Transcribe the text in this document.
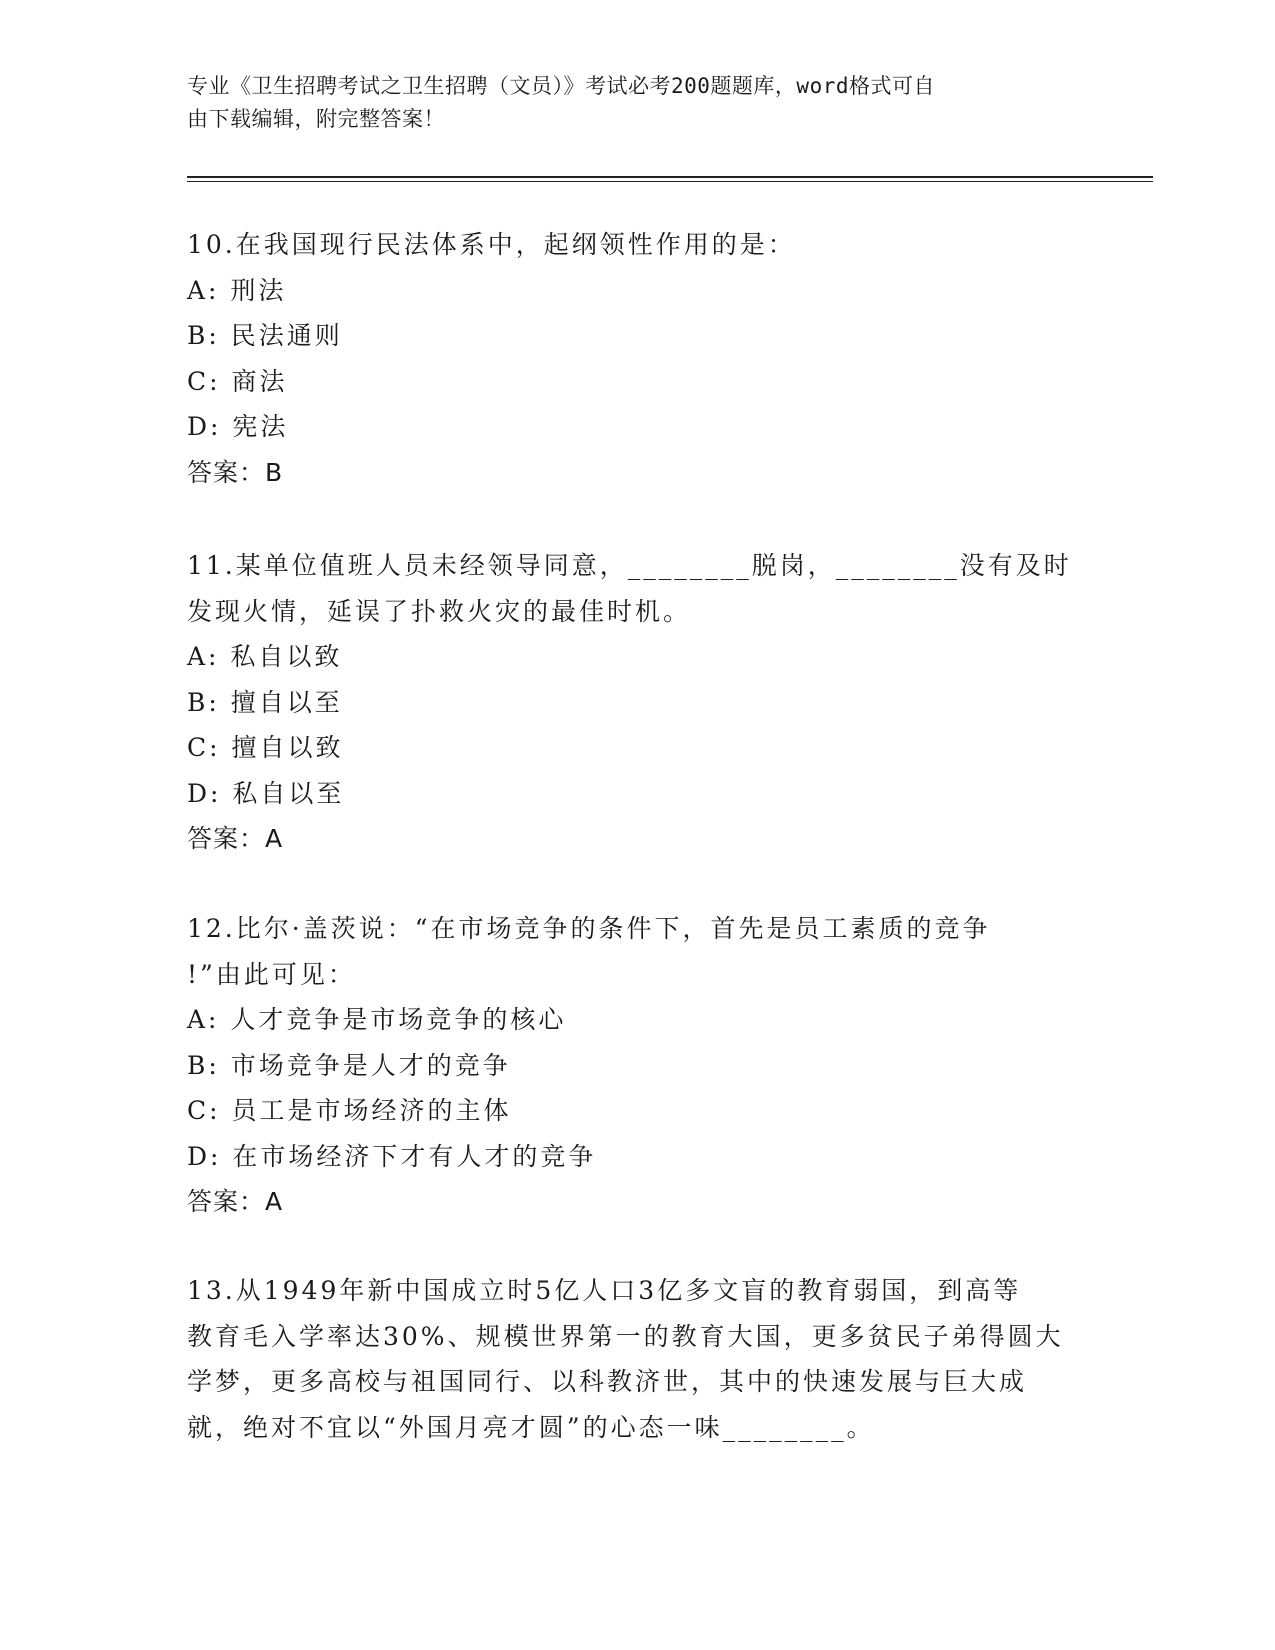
专业《卫生招聘考试之卫生招聘（文员）》考试必考200题题库，word格式可自
由下载编辑，附完整答案！

10.在我国现行民法体系中，起纲领性作用的是：

A: 刑法

B: 民法通则

C: 商法

D: 宪法

答案：B

11.某单位值班人员未经领导同意，________脱岗，________没有及时

发现火情，延误了扑救火灾的最佳时机。

A: 私自以致

B: 擅自以至

C: 擅自以致

D: 私自以至

答案：A

12.比尔·盖茨说：“在市场竞争的条件下，首先是员工素质的竞争

!”由此可见：

A: 人才竞争是市场竞争的核心

B: 市场竞争是人才的竞争

C: 员工是市场经济的主体

D: 在市场经济下才有人才的竞争

答案：A

13.从1949年新中国成立时5亿人口3亿多文盲的教育弱国，到高等

教育毛入学率达30%、规模世界第一的教育大国，更多贫民子弟得圆大

学梦，更多高校与祖国同行、以科教济世，其中的快速发展与巨大成

就，绝对不宜以“外国月亮才圆”的心态一味________。
